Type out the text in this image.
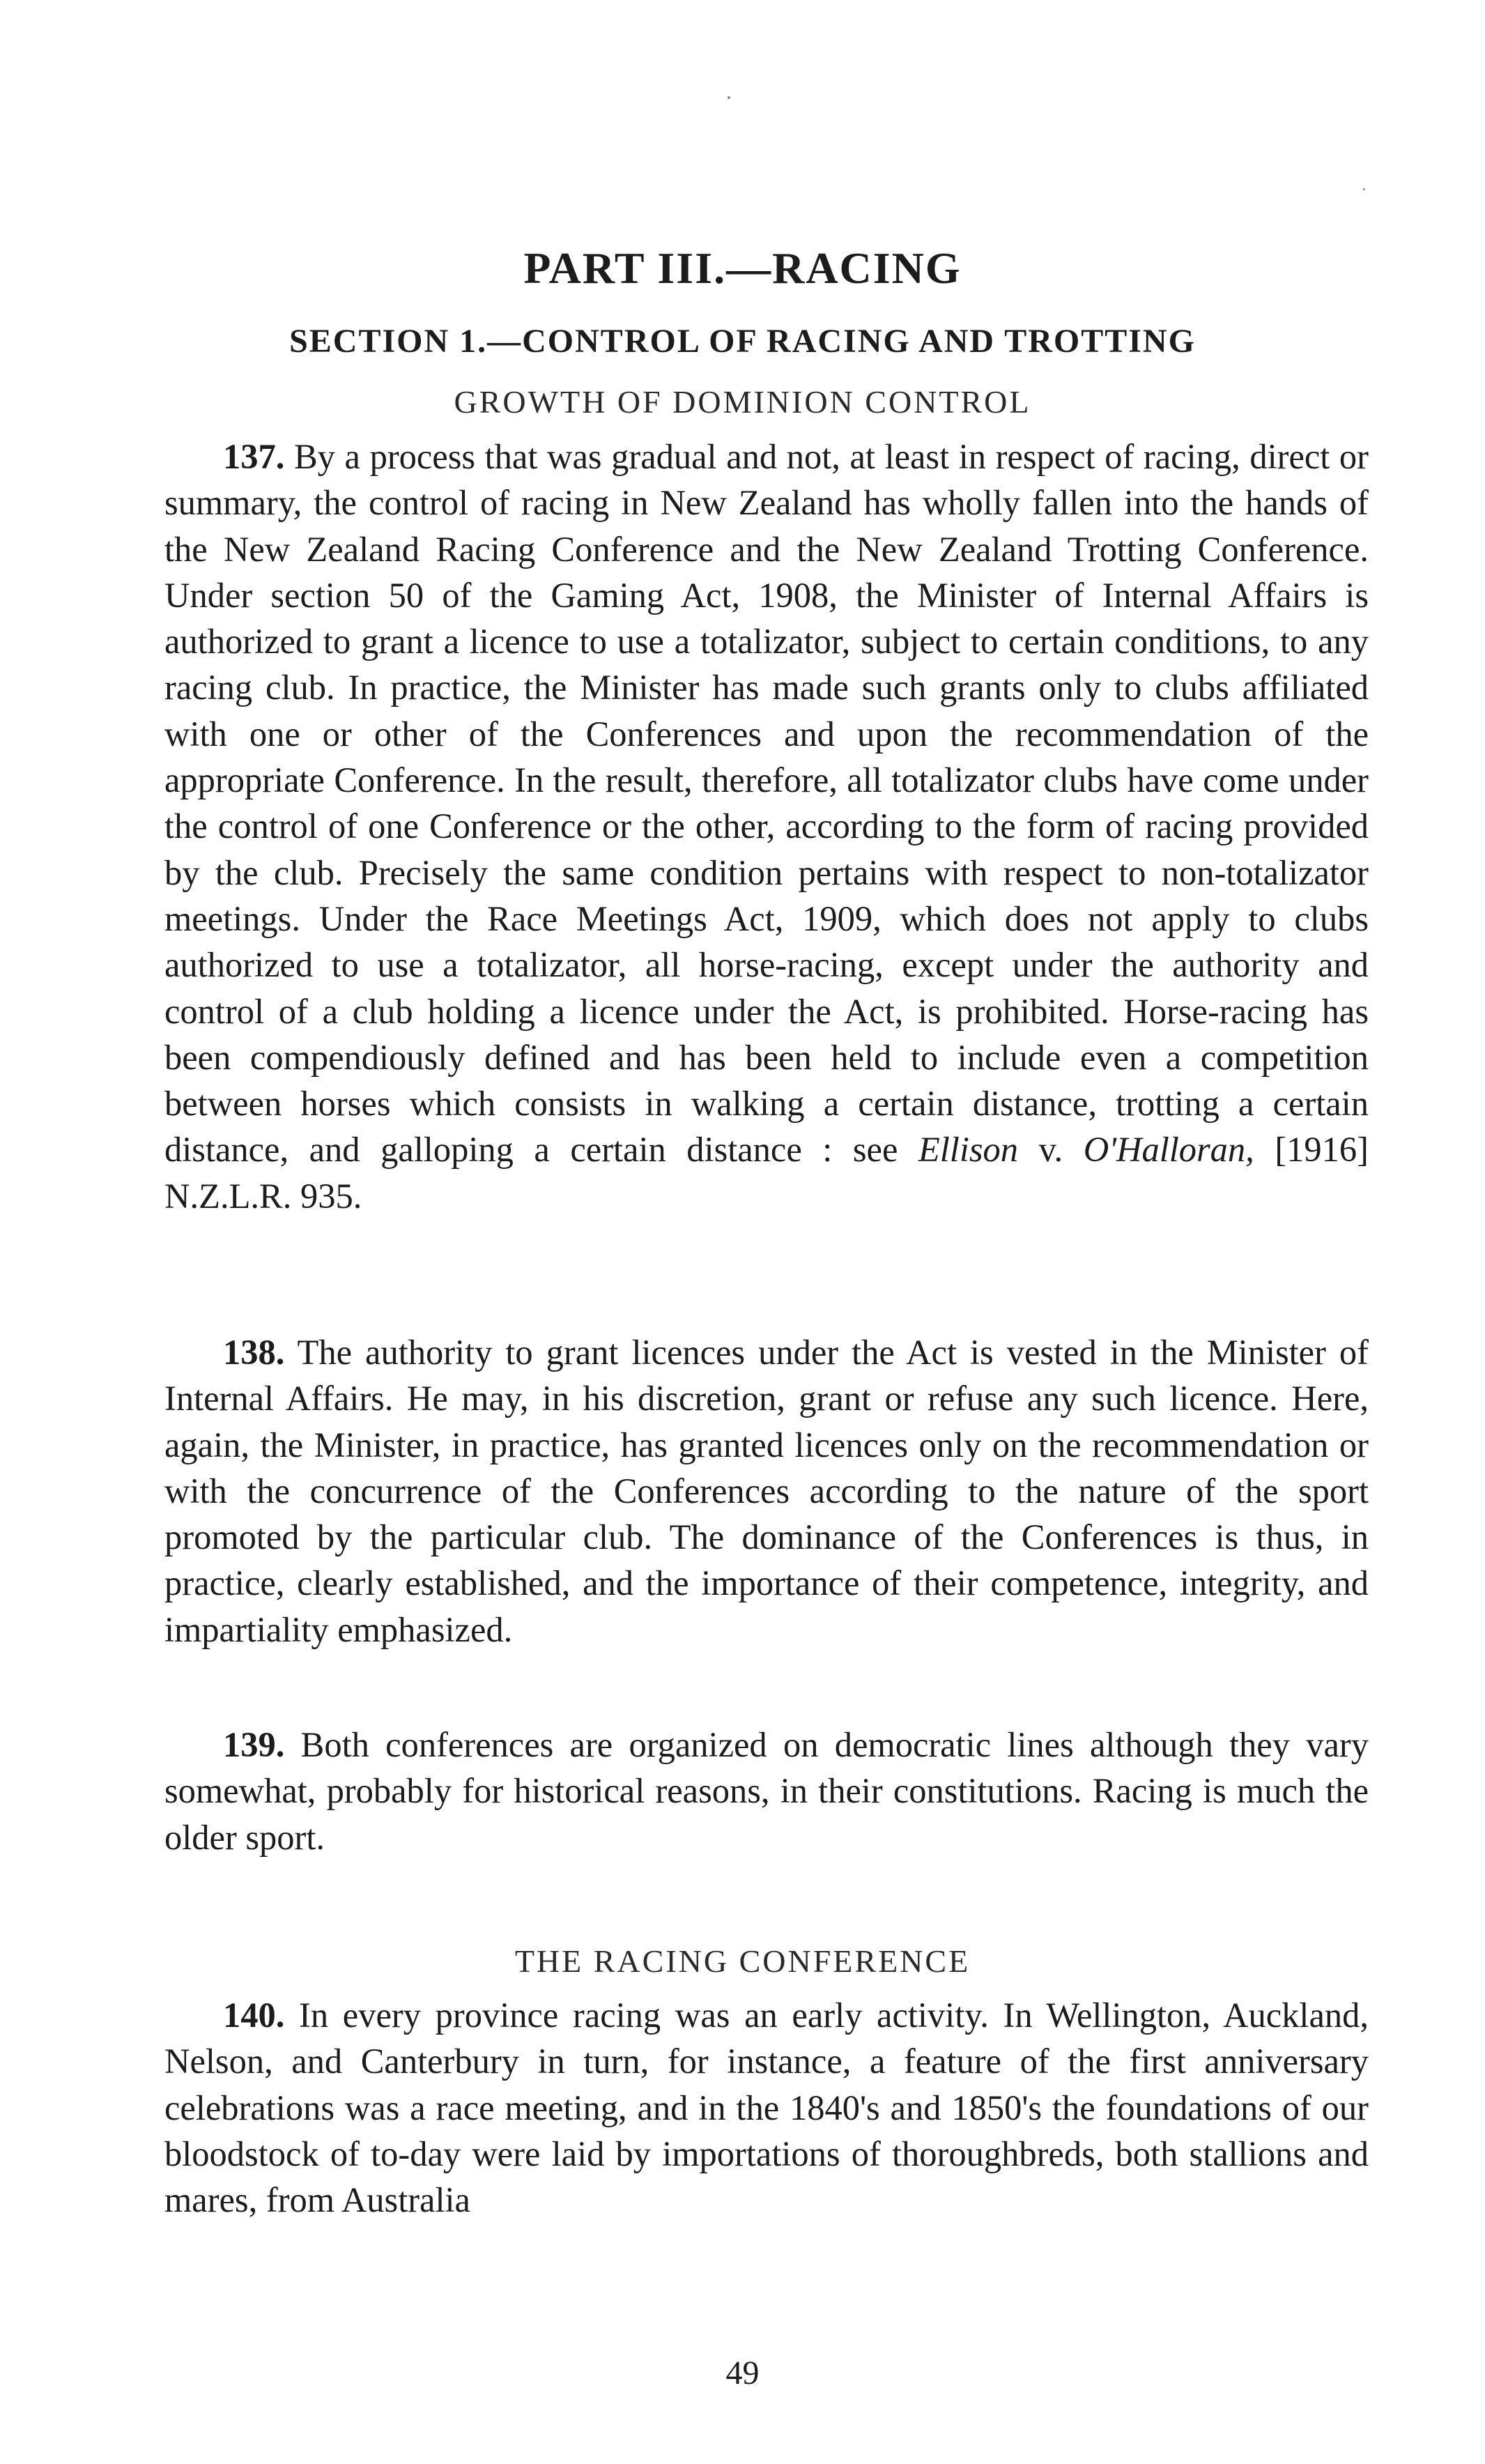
PART III.—RACING
SECTION 1.—CONTROL OF RACING AND TROTTING
GROWTH OF DOMINION CONTROL

137. By a process that was gradual and not, at least in respect of racing, direct or summary, the control of racing in New Zealand has wholly fallen into the hands of the New Zealand Racing Conference and the New Zealand Trotting Conference. Under section 50 of the Gaming Act, 1908, the Minister of Internal Affairs is authorized to grant a licence to use a totalizator, subject to certain conditions, to any racing club. In practice, the Minister has made such grants only to clubs affiliated with one or other of the Conferences and upon the recommendation of the appropriate Conference. In the result, therefore, all totalizator clubs have come under the control of one Conference or the other, according to the form of racing provided by the club. Precisely the same condition pertains with respect to non-totalizator meetings. Under the Race Meetings Act, 1909, which does not apply to clubs authorized to use a totalizator, all horse-racing, except under the authority and control of a club holding a licence under the Act, is prohibited. Horse-racing has been compendiously defined and has been held to include even a competition between horses which consists in walking a certain distance, trotting a certain distance, and galloping a certain distance : see Ellison v. O'Halloran, [1916] N.Z.L.R. 935.

138. The authority to grant licences under the Act is vested in the Minister of Internal Affairs. He may, in his discretion, grant or refuse any such licence. Here, again, the Minister, in practice, has granted licences only on the recommendation or with the concurrence of the Conferences according to the nature of the sport promoted by the particular club. The dominance of the Conferences is thus, in practice, clearly established, and the importance of their competence, integrity, and impartiality emphasized.

139. Both conferences are organized on democratic lines although they vary somewhat, probably for historical reasons, in their constitutions. Racing is much the older sport.

THE RACING CONFERENCE

140. In every province racing was an early activity. In Wellington, Auckland, Nelson, and Canterbury in turn, for instance, a feature of the first anniversary celebrations was a race meeting, and in the 1840's and 1850's the foundations of our bloodstock of to-day were laid by importations of thoroughbreds, both stallions and mares, from Australia

49
